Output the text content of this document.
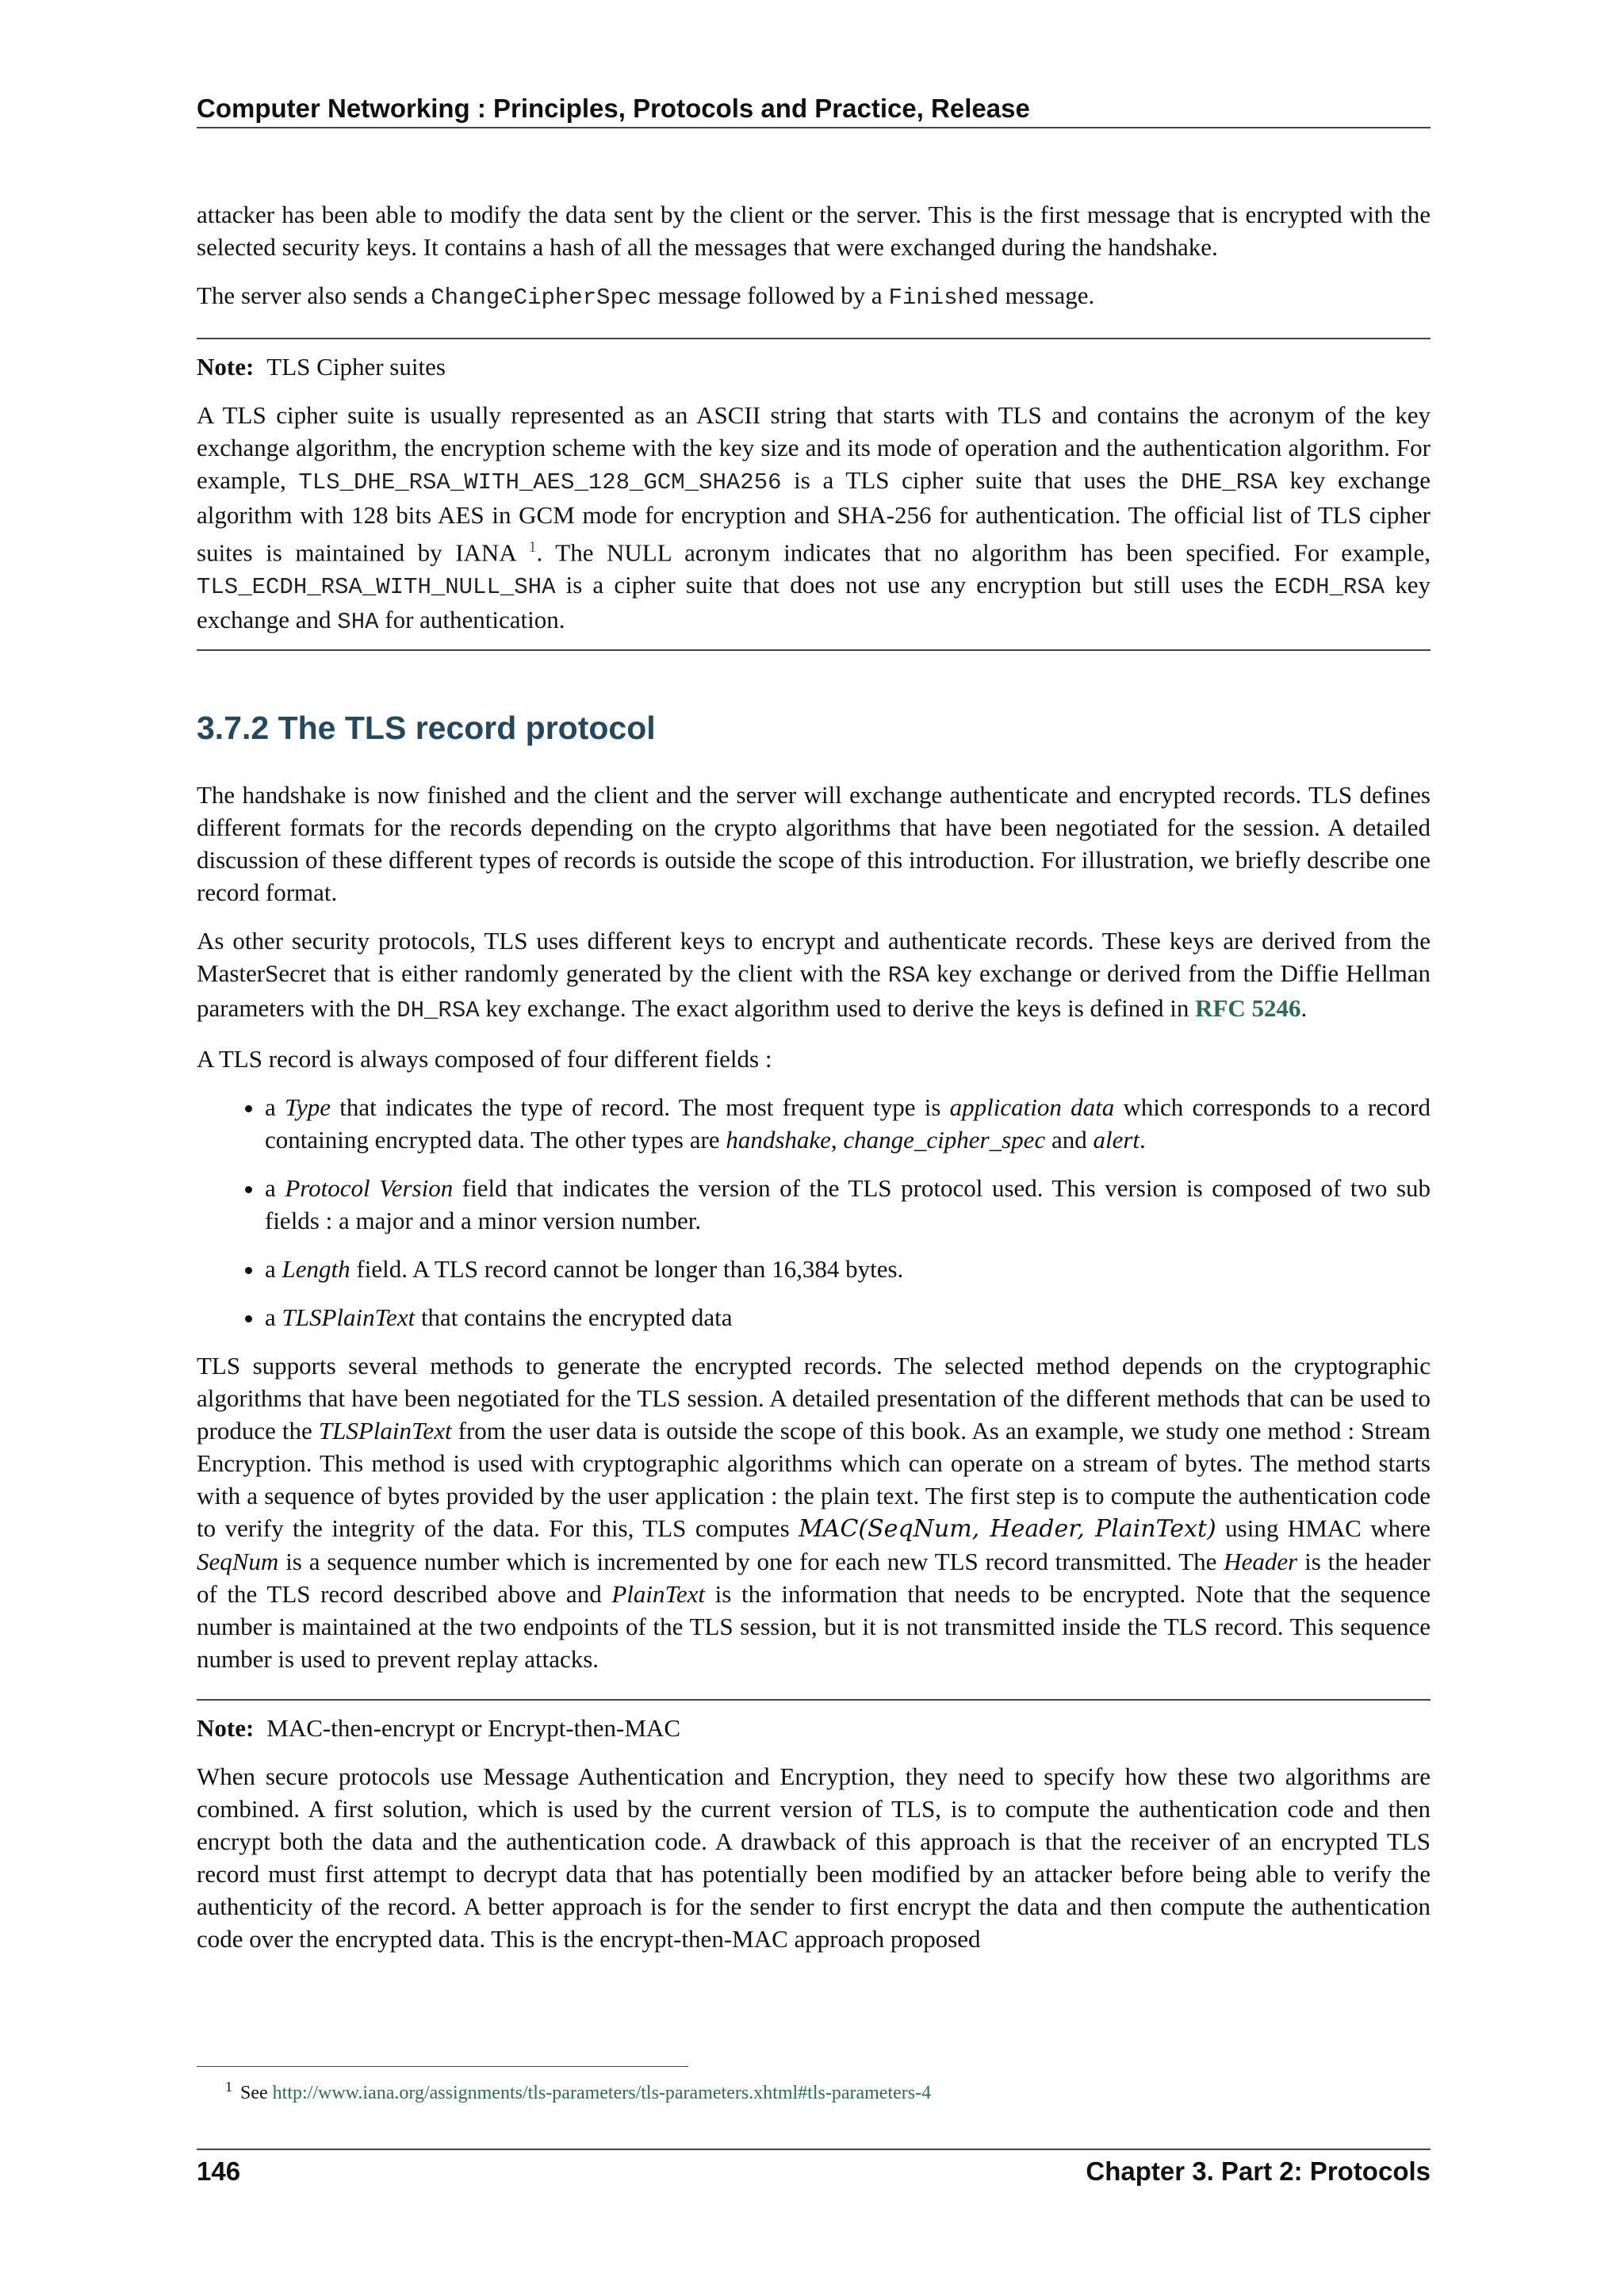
Computer Networking : Principles, Protocols and Practice, Release

attacker has been able to modify the data sent by the client or the server. This is the first message that is encrypted with the selected security keys. It contains a hash of all the messages that were exchanged during the handshake.

The server also sends a ChangeCipherSpec message followed by a Finished message.

Note: TLS Cipher suites

A TLS cipher suite is usually represented as an ASCII string that starts with TLS and contains the acronym of the key exchange algorithm, the encryption scheme with the key size and its mode of operation and the authentication algorithm. For example, TLS_DHE_RSA_WITH_AES_128_GCM_SHA256 is a TLS cipher suite that uses the DHE_RSA key exchange algorithm with 128 bits AES in GCM mode for encryption and SHA-256 for authentication. The official list of TLS cipher suites is maintained by IANA $^1$. The NULL acronym indicates that no algorithm has been specified. For example, TLS_ECDH_RSA_WITH_NULL_SHA is a cipher suite that does not use any encryption but still uses the ECDH_RSA key exchange and SHA for authentication.

3.7.2 The TLS record protocol

The handshake is now finished and the client and the server will exchange authenticate and encrypted records. TLS defines different formats for the records depending on the crypto algorithms that have been negotiated for the session. A detailed discussion of these different types of records is outside the scope of this introduction. For illustration, we briefly describe one record format.

As other security protocols, TLS uses different keys to encrypt and authenticate records. These keys are derived from the MasterSecret that is either randomly generated by the client with the RSA key exchange or derived from the Diffie Hellman parameters with the DH_RSA key exchange. The exact algorithm used to derive the keys is defined in RFC 5246.

A TLS record is always composed of four different fields :

• a Type that indicates the type of record. The most frequent type is application data which corresponds to a record containing encrypted data. The other types are handshake, change_cipher_spec and alert.
• a Protocol Version field that indicates the version of the TLS protocol used. This version is composed of two sub fields : a major and a minor version number.
• a Length field. A TLS record cannot be longer than 16,384 bytes.
• a TLSPlainText that contains the encrypted data

TLS supports several methods to generate the encrypted records. The selected method depends on the cryptographic algorithms that have been negotiated for the TLS session. A detailed presentation of the different methods that can be used to produce the TLSPlainText from the user data is outside the scope of this book. As an example, we study one method : Stream Encryption. This method is used with cryptographic algorithms which can operate on a stream of bytes. The method starts with a sequence of bytes provided by the user application : the plain text. The first step is to compute the authentication code to verify the integrity of the data. For this, TLS computes MAC(SeqNum, Header, PlainText) using HMAC where SeqNum is a sequence number which is incremented by one for each new TLS record transmitted. The Header is the header of the TLS record described above and PlainText is the information that needs to be encrypted. Note that the sequence number is maintained at the two endpoints of the TLS session, but it is not transmitted inside the TLS record. This sequence number is used to prevent replay attacks.

Note: MAC-then-encrypt or Encrypt-then-MAC

When secure protocols use Message Authentication and Encryption, they need to specify how these two algorithms are combined. A first solution, which is used by the current version of TLS, is to compute the authentication code and then encrypt both the data and the authentication code. A drawback of this approach is that the receiver of an encrypted TLS record must first attempt to decrypt data that has potentially been modified by an attacker before being able to verify the authenticity of the record. A better approach is for the sender to first encrypt the data and then compute the authentication code over the encrypted data. This is the encrypt-then-MAC approach proposed

$^1$ See http://www.iana.org/assignments/tls-parameters/tls-parameters.xhtml#tls-parameters-4
146	Chapter 3. Part 2: Protocols
